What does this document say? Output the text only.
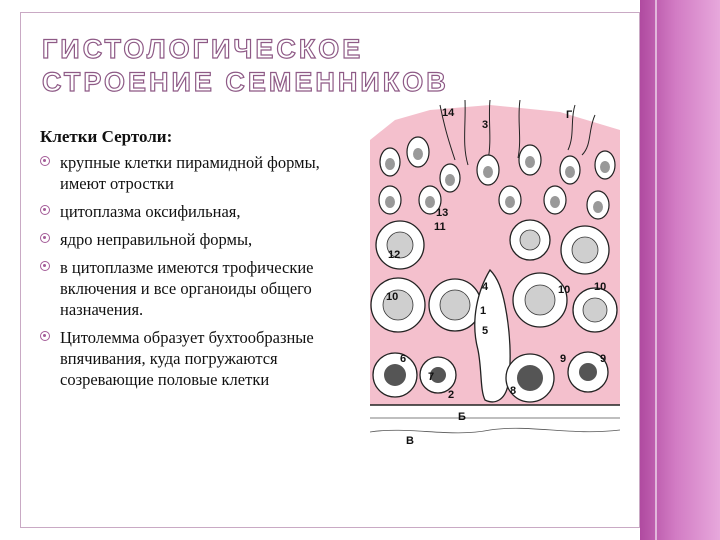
ГИСТОЛОГИЧЕСКОЕ СТРОЕНИЕ СЕМЕННИКОВ

Клетки Сертоли:

крупные клетки пирамидной формы, имеют отростки
цитоплазма оксифильная,
ядро неправильной формы,
в цитоплазме имеются трофические включения и все органоиды общего назначения.
Цитолемма образует бухтообразные впячивания, куда погружаются созревающие половые клетки
14
3
Г
13
11
12
4
10
10 10
1
5
6
7
2	8
9	9
Б
В
